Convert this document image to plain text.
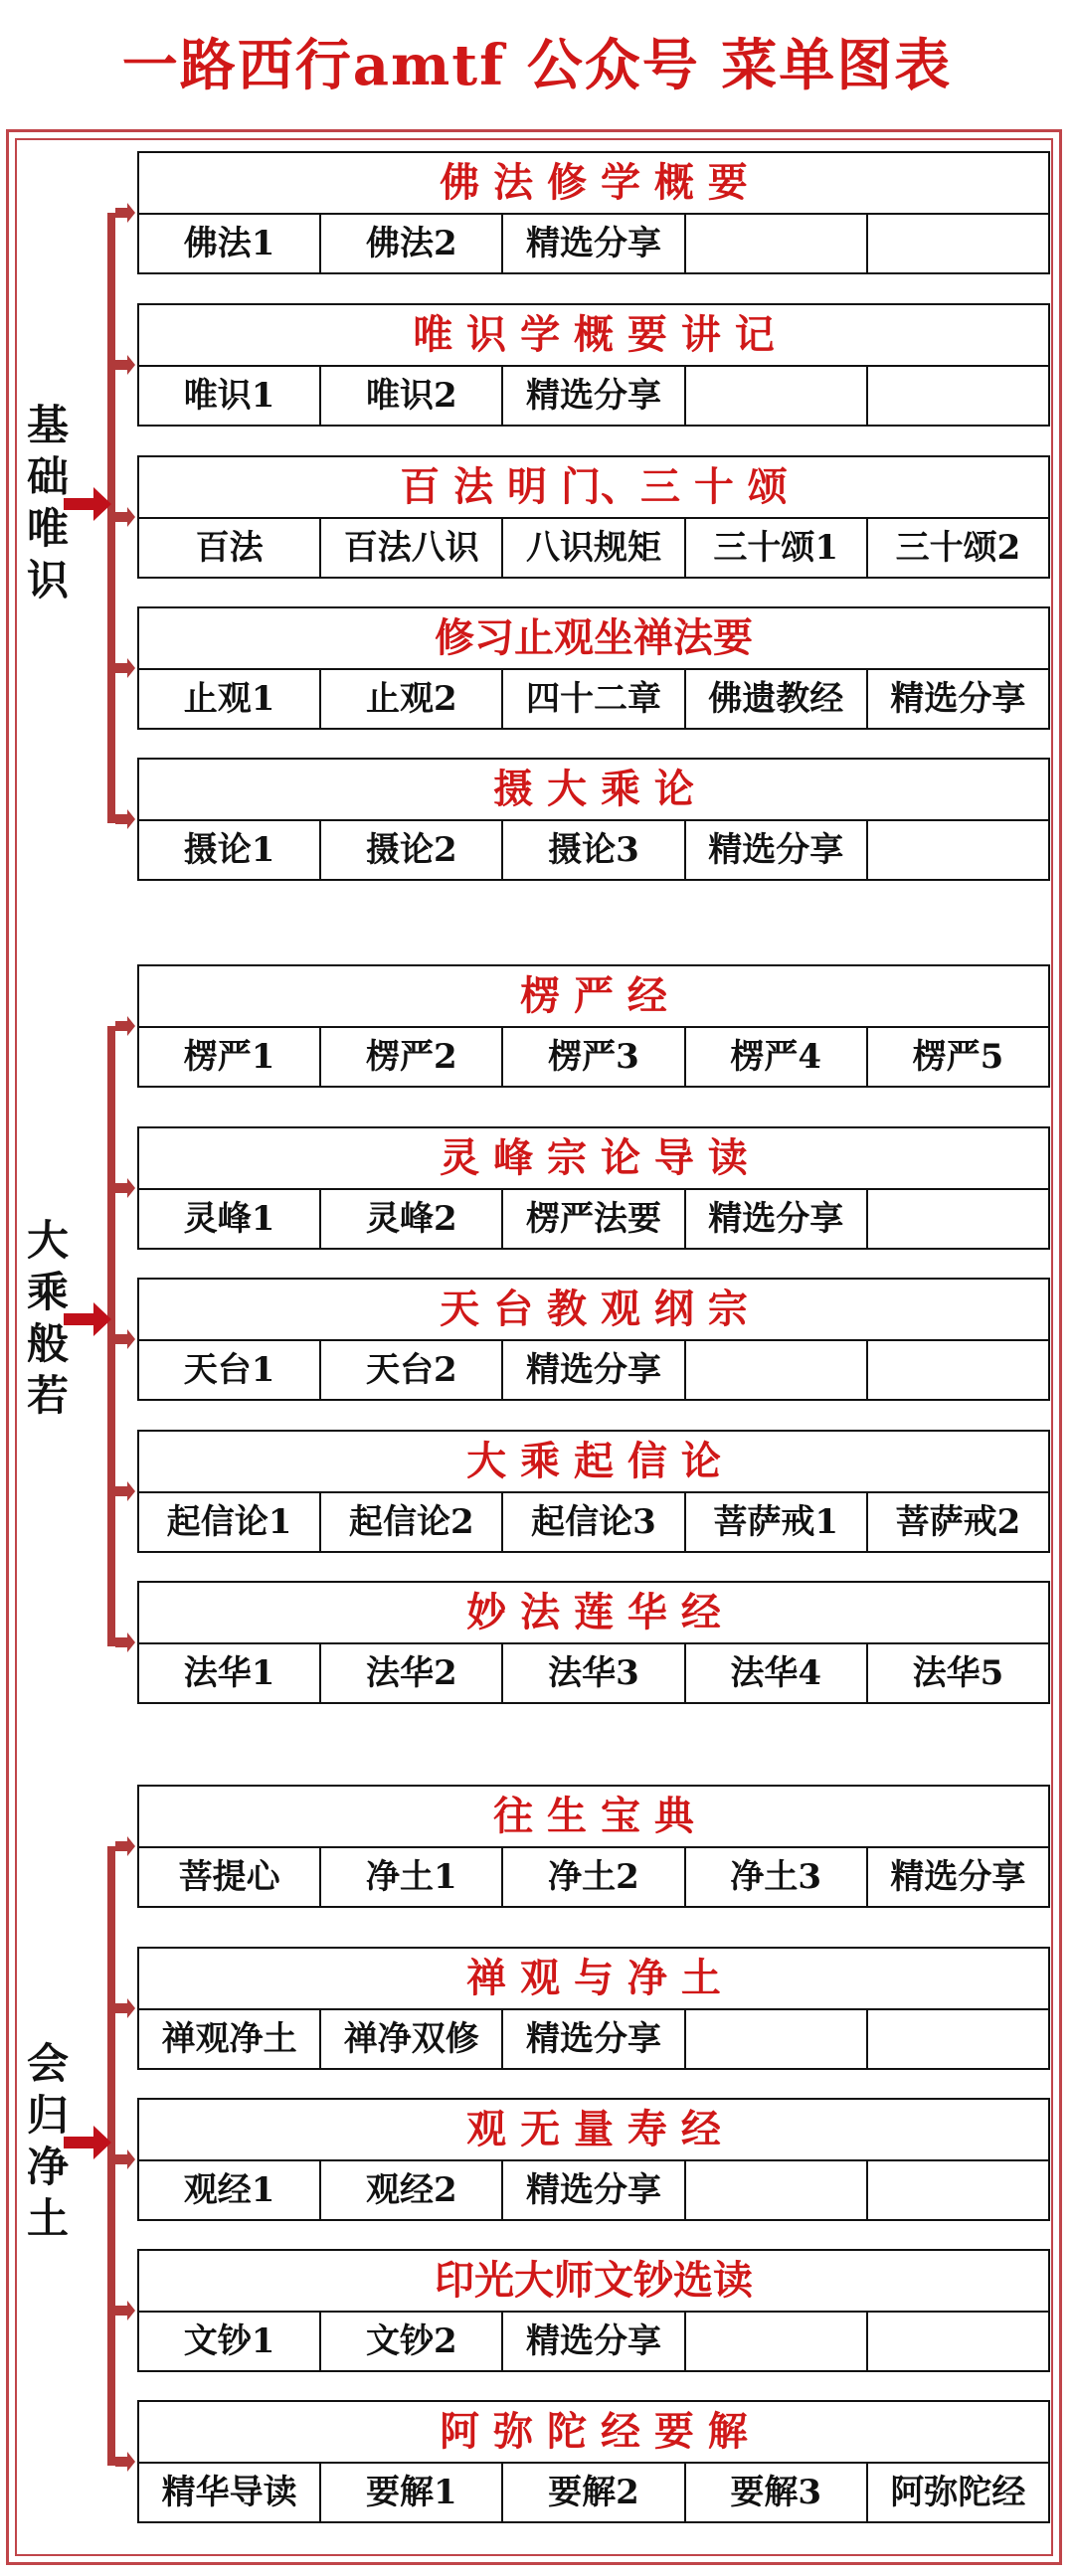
一路西行amtf 公众号 菜单图表
基
础
唯
识
佛 法 修 学 概 要
佛法1	佛法2	精选分享
唯 识 学 概 要 讲 记
唯识1	唯识2	精选分享
百 法 明 门、三 十 颂
百法	百法八识	八识规矩	三十颂1	三十颂2
修习止观坐禅法要
止观1	止观2	四十二章	佛遗教经	精选分享
摄 大 乘 论
摄论1	摄论2	摄论3	精选分享
大
乘
般
若
楞 严 经
楞严1	楞严2	楞严3	楞严4	楞严5
灵 峰 宗 论 导 读
灵峰1	灵峰2	楞严法要	精选分享
天 台 教 观 纲 宗
天台1	天台2	精选分享
大 乘 起 信 论
起信论1	起信论2	起信论3	菩萨戒1	菩萨戒2
妙 法 莲 华 经
法华1	法华2	法华3	法华4	法华5
会
归
净
土
往 生 宝 典
菩提心	净土1	净土2	净土3	精选分享
禅 观 与 净 土
禅观净土	禅净双修	精选分享
观 无 量 寿 经
观经1	观经2	精选分享
印光大师文钞选读
文钞1	文钞2	精选分享
阿 弥 陀 经 要 解
精华导读	要解1	要解2	要解3	阿弥陀经
